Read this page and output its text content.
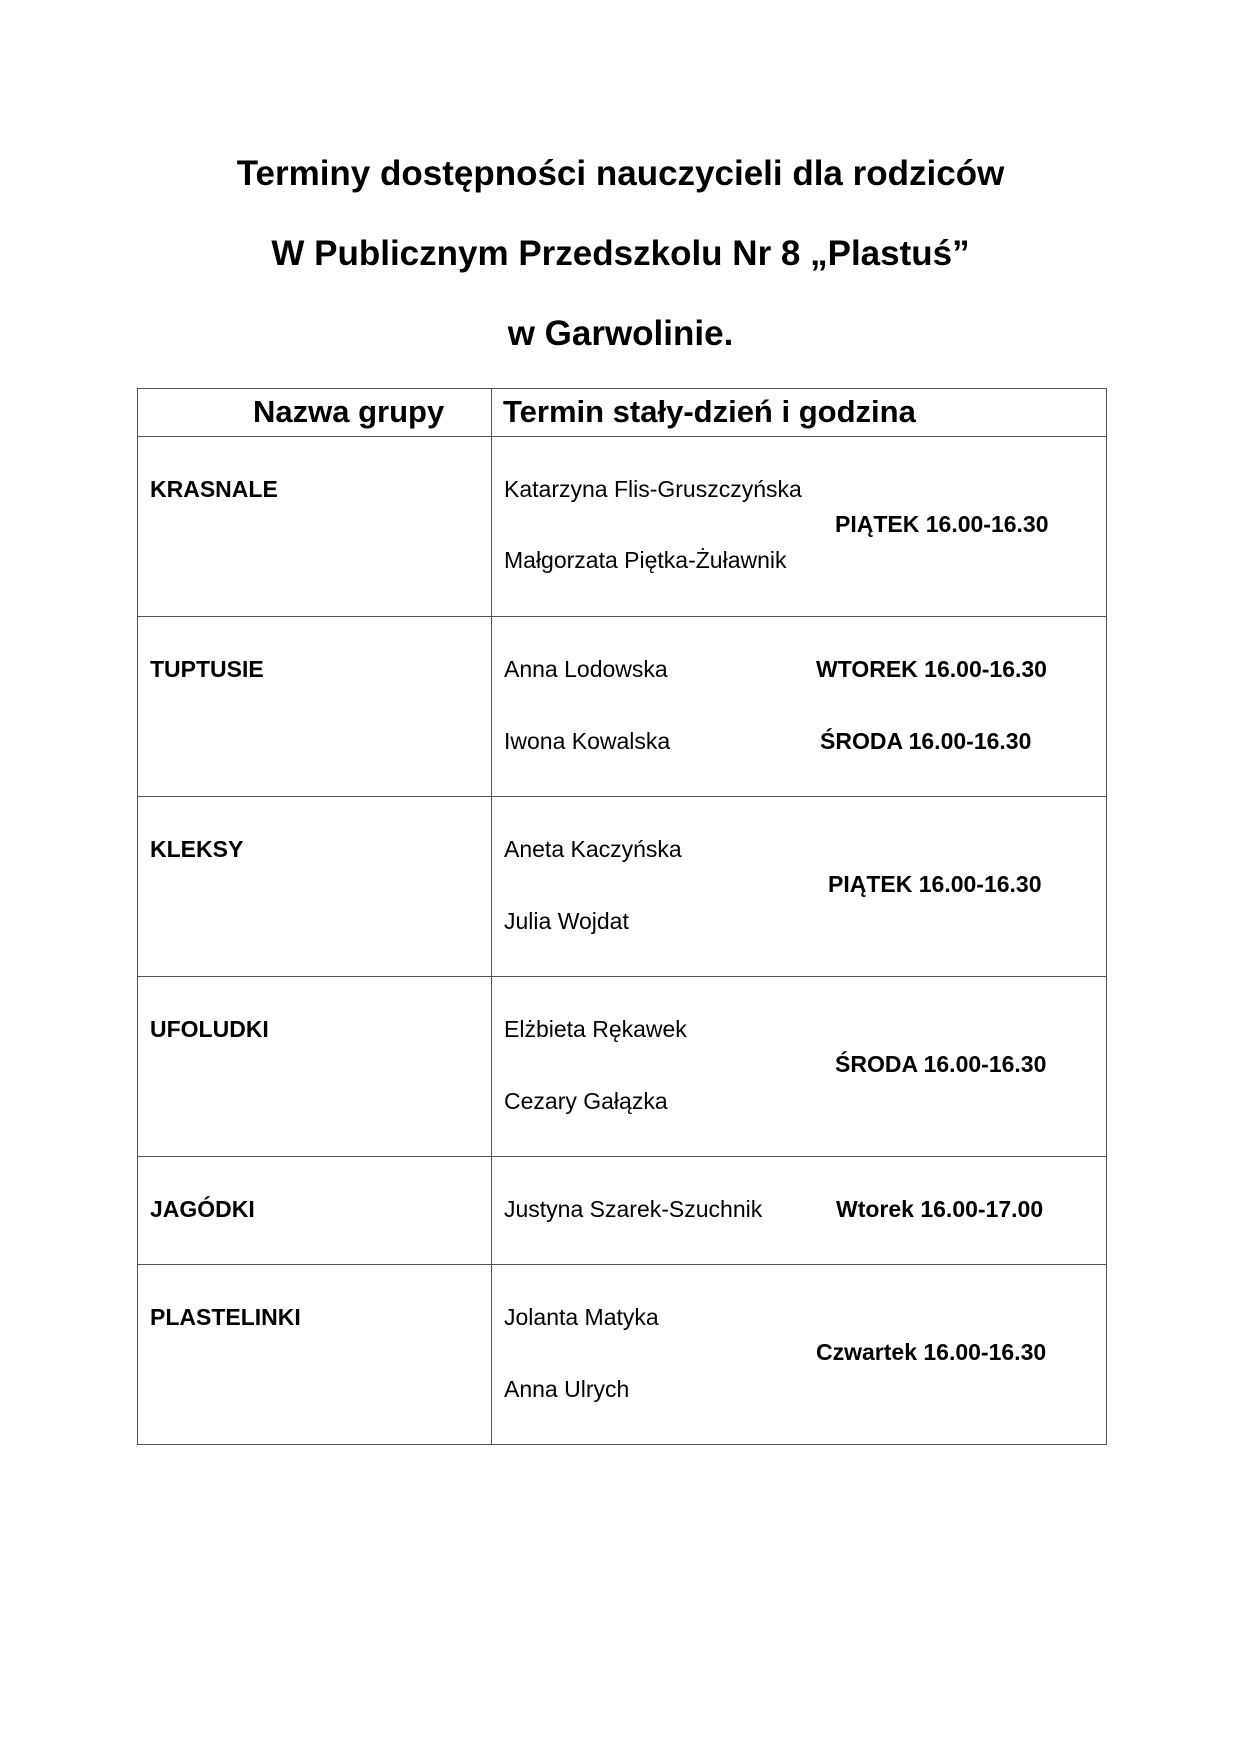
Terminy dostępności nauczycieli dla rodziców
W Publicznym Przedszkolu Nr 8 „Plastuś”
w Garwolinie.
Nazwa grupy Termin stały-dzień i godzina
KRASNALE	Katarzyna Flis-Gruszczyńska
PIĄTEK 16.00-16.30
Małgorzata Piętka-Żuławnik
TUPTUSIE	Anna Lodowska	WTOREK 16.00-16.30
Iwona Kowalska	ŚRODA 16.00-16.30
KLEKSY	Aneta Kaczyńska
PIĄTEK 16.00-16.30
Julia Wojdat
UFOLUDKI	Elżbieta Rękawek
ŚRODA 16.00-16.30
Cezary Gałązka
JAGÓDKI	Justyna Szarek-Szuchnik	Wtorek 16.00-17.00
PLASTELINKI	Jolanta Matyka
Czwartek 16.00-16.30
Anna Ulrych
